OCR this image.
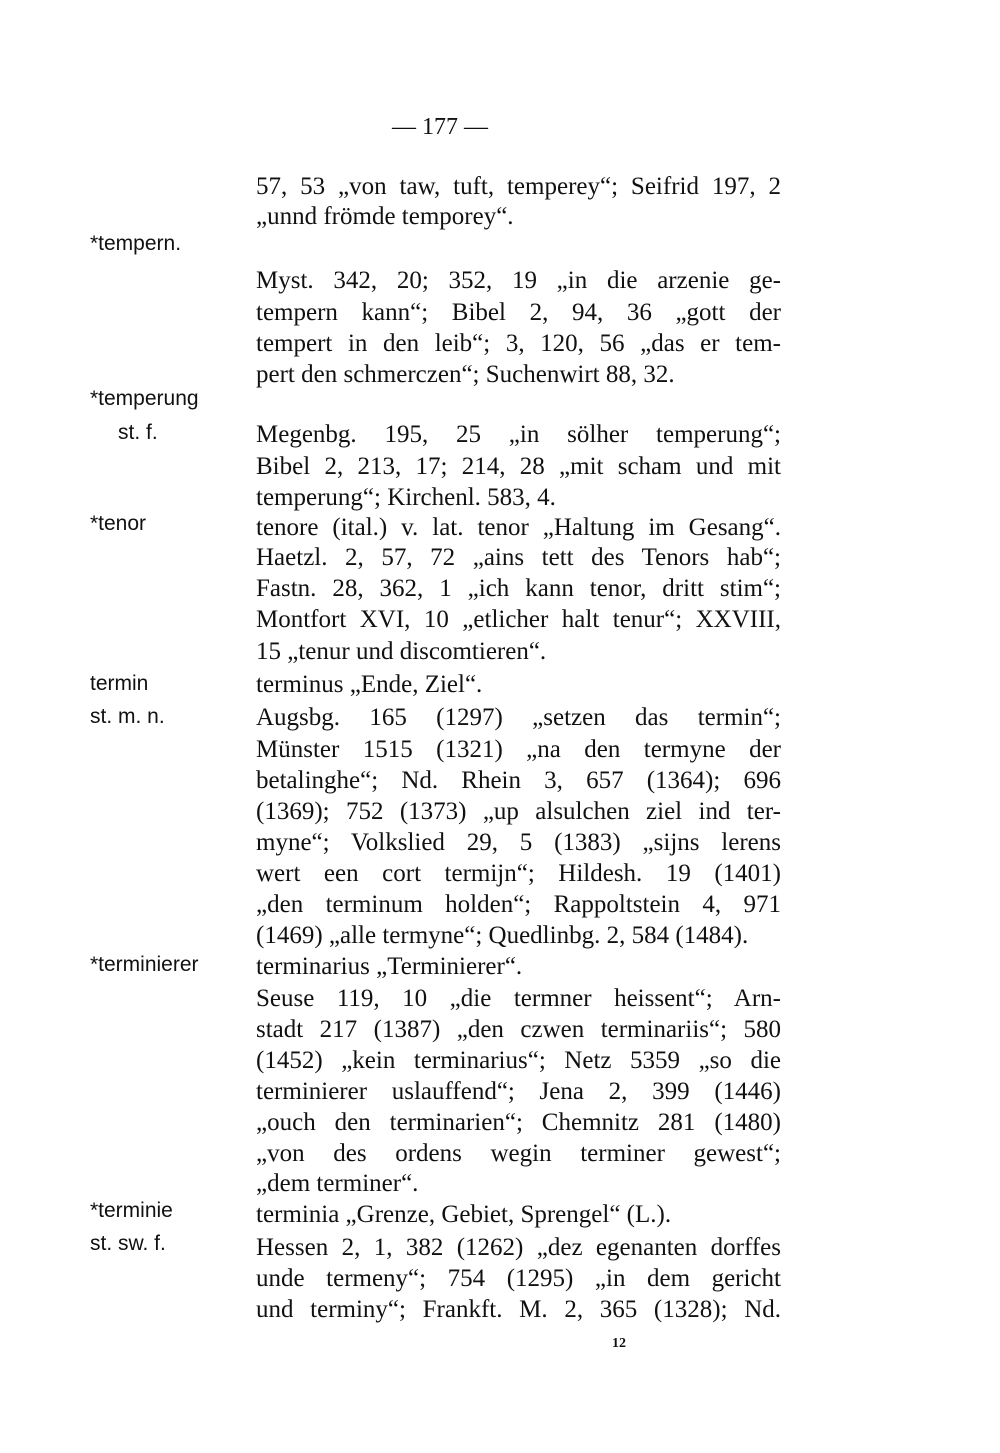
— 177 —
*tempern.
*temperung
st. f.
*tenor
termin
st. m. n.
*terminierer
*terminie
st. sw. f.
57, 53 „von taw, tuft, temperey“; Seifrid 197, 2
„unnd frömde temporey“.
Myst. 342, 20; 352, 19 „in die arzenie ge-
tempern kann“; Bibel 2, 94, 36 „gott der
tempert in den leib“; 3, 120, 56 „das er tem-
pert den schmerczen“; Suchenwirt 88, 32.
Megenbg. 195, 25 „in sölher temperung“;
Bibel 2, 213, 17; 214, 28 „mit scham und mit
temperung“; Kirchenl. 583, 4.
tenore (ital.) v. lat. tenor „Haltung im Gesang“.
Haetzl. 2, 57, 72 „ains tett des Tenors hab“;
Fastn. 28, 362, 1 „ich kann tenor, dritt stim“;
Montfort XVI, 10 „etlicher halt tenur“; XXVIII,
15 „tenur und discomtieren“.
terminus „Ende, Ziel“.
Augsbg. 165 (1297) „setzen das termin“;
Münster 1515 (1321) „na den termyne der
betalinghe“; Nd. Rhein 3, 657 (1364); 696
(1369); 752 (1373) „up alsulchen ziel ind ter-
myne“; Volkslied 29, 5 (1383) „sijns lerens
wert een cort termijn“; Hildesh. 19 (1401)
„den terminum holden“; Rappoltstein 4, 971
(1469) „alle termyne“; Quedlinbg. 2, 584 (1484).
terminarius „Terminierer“.
Seuse 119, 10 „die termner heissent“; Arn-
stadt 217 (1387) „den czwen terminariis“; 580
(1452) „kein terminarius“; Netz 5359 „so die
terminierer uslauffend“; Jena 2, 399 (1446)
„ouch den terminarien“; Chemnitz 281 (1480)
„von des ordens wegin terminer gewest“;
„dem terminer“.
terminia „Grenze, Gebiet, Sprengel“ (L.).
Hessen 2, 1, 382 (1262) „dez egenanten dorffes
unde termeny“; 754 (1295) „in dem gericht
und terminy“; Frankft. M. 2, 365 (1328); Nd.
12
